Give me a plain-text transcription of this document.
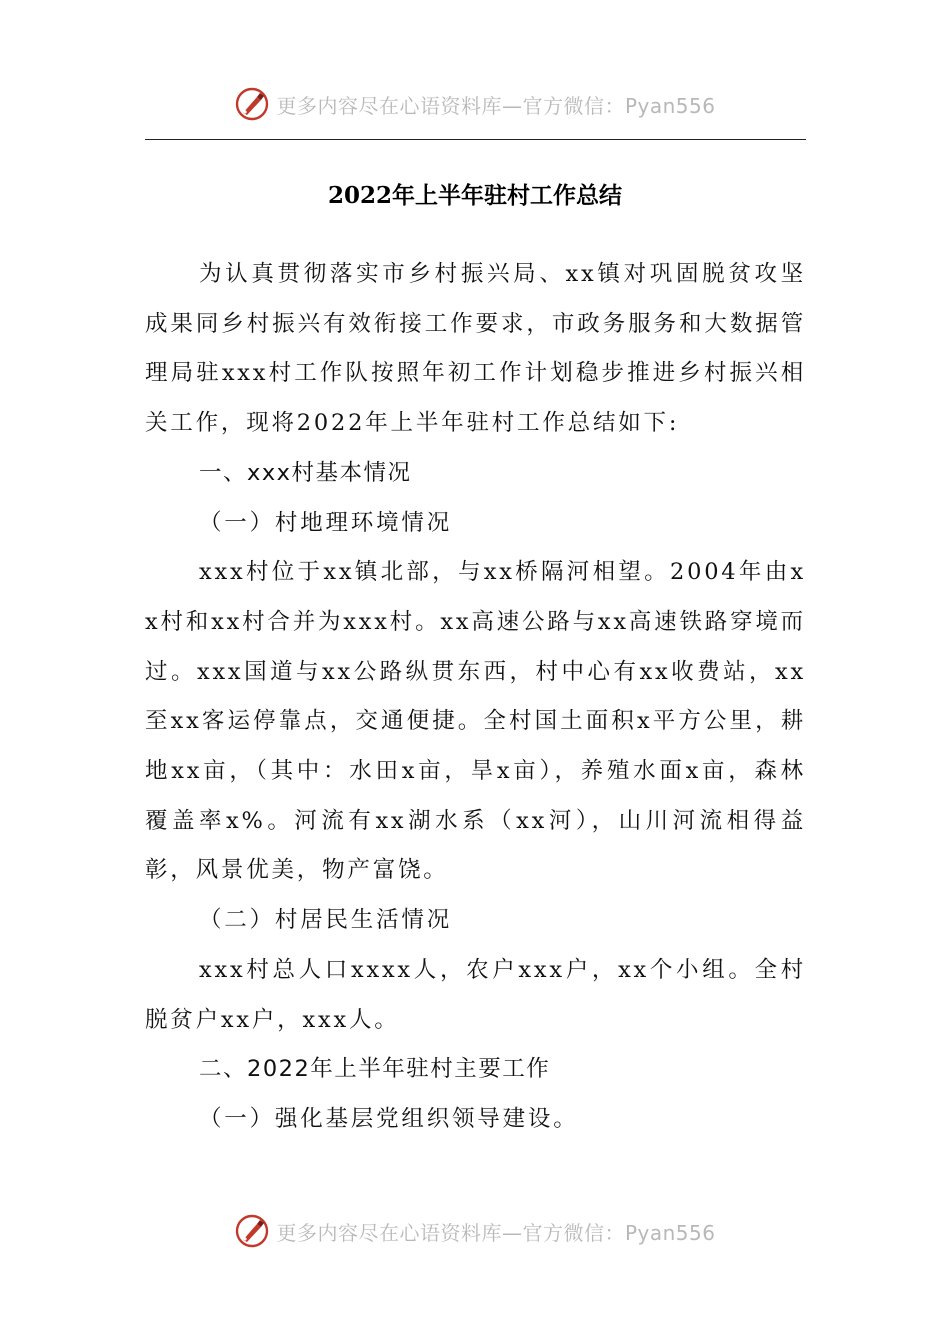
更多内容尽在心语资料库—官方微信：Pyan556
2022年上半年驻村工作总结

为认真贯彻落实市乡村振兴局、xx镇对巩固脱贫攻坚成果同乡村振兴有效衔接工作要求，市政务服务和大数据管理局驻xxx村工作队按照年初工作计划稳步推进乡村振兴相关工作，现将2022年上半年驻村工作总结如下:

一、xxx村基本情况

（一）村地理环境情况

xxx村位于xx镇北部，与xx桥隔河相望。2004年由xx村和xx村合并为xxx村。xx高速公路与xx高速铁路穿境而过。xxx国道与xx公路纵贯东西，村中心有xx收费站，xx至xx客运停靠点，交通便捷。全村国土面积x平方公里，耕地xx亩，（其中：水田x亩，旱x亩），养殖水面x亩，森林覆盖率x%。河流有xx湖水系（xx河），山川河流相得益彰，风景优美，物产富饶。

（二）村居民生活情况

xxx村总人口xxxx人，农户xxx户，xx个小组。全村脱贫户xx户，xxx人。

二、2022年上半年驻村主要工作

（一）强化基层党组织领导建设。

更多内容尽在心语资料库—官方微信：Pyan556
